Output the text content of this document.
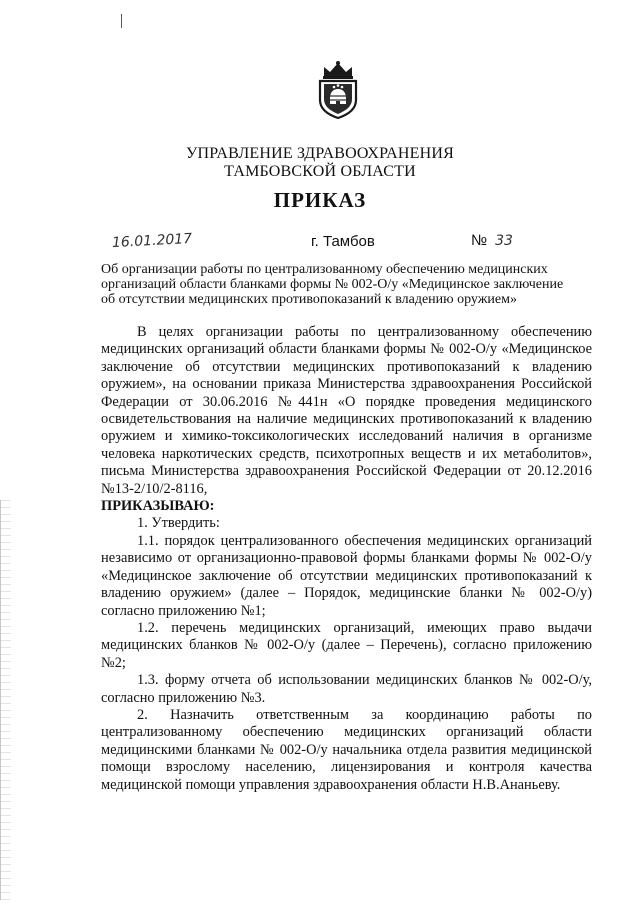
УПРАВЛЕНИЕ ЗДРАВООХРАНЕНИЯ
ТАМБОВСКОЙ ОБЛАСТИ
ПРИКАЗ
16.01.2017	г. Тамбов	№ 33

Об организации работы по централизованному обеспечению медицинских

организаций области бланками формы № 002-О/у «Медицинское заключение

об отсутствии медицинских противопоказаний к владению оружием»

В целях организации работы по централизованному обеспечению медицинских организаций области бланками формы № 002-О/у «Медицинское заключение об отсутствии медицинских противопоказаний к владению оружием», на основании приказа Министерства здравоохранения Российской Федерации от 30.06.2016 №441н «О порядке проведения медицинского освидетельствования на наличие медицинских противопоказаний к владению оружием и химико-токсикологических исследований наличия в организме человека наркотических средств, психотропных веществ и их метаболитов», письма Министерства здравоохранения Российской Федерации от 20.12.2016 №13-2/10/2-8116,

ПРИКАЗЫВАЮ:

1. Утвердить:

1.1. порядок централизованного обеспечения медицинских организаций независимо от организационно-правовой формы бланками формы № 002-О/у «Медицинское заключение об отсутствии медицинских противопоказаний к владению оружием» (далее – Порядок, медицинские бланки № 002-О/у) согласно приложению №1;

1.2. перечень медицинских организаций, имеющих право выдачи медицинских бланков № 002-О/у (далее – Перечень), согласно приложению №2;

1.3. форму отчета об использовании медицинских бланков № 002-О/у, согласно приложению №3.

2. Назначить ответственным за координацию работы по централизованному обеспечению медицинских организаций области медицинскими бланками № 002-О/у начальника отдела развития медицинской помощи взрослому населению, лицензирования и контроля качества медицинской помощи управления здравоохранения области Н.В.Ананьеву.
